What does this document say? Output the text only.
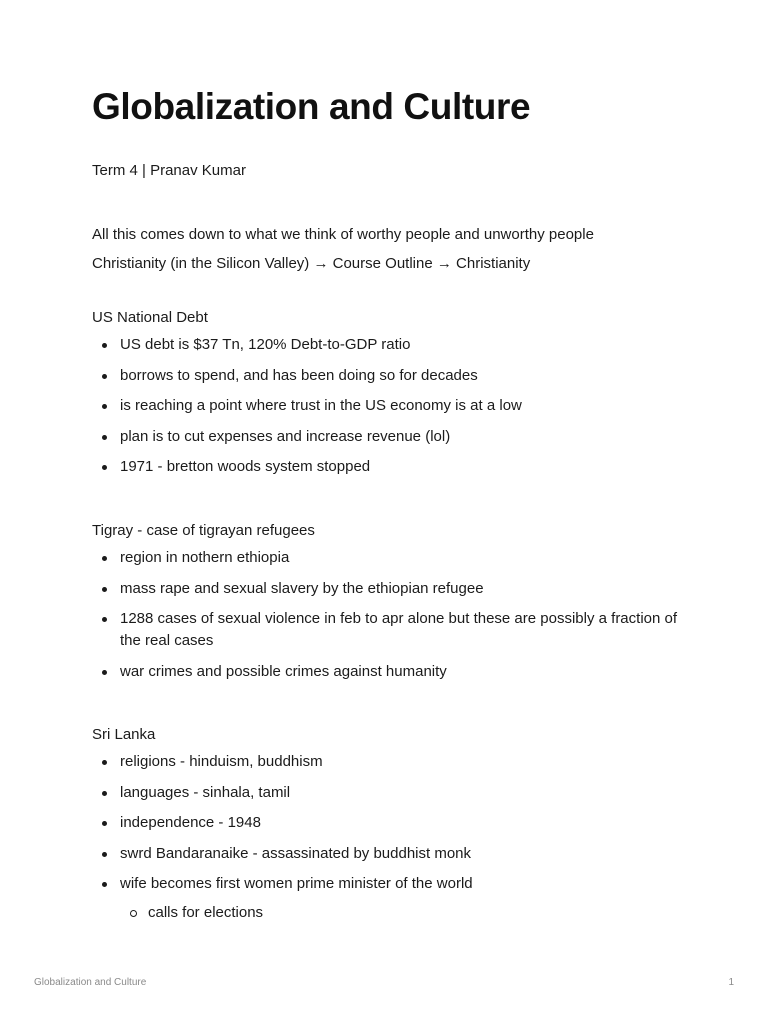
Globalization and Culture
Term 4 | Pranav Kumar
All this comes down to what we think of worthy people and unworthy people
Christianity (in the Silicon Valley) → Course Outline → Christianity
US National Debt
US debt is $37 Tn, 120% Debt-to-GDP ratio
borrows to spend, and has been doing so for decades
is reaching a point where trust in the US economy is at a low
plan is to cut expenses and increase revenue (lol)
1971 - bretton woods system stopped
Tigray - case of tigrayan refugees
region in nothern ethiopia
mass rape and sexual slavery by the ethiopian refugee
1288 cases of sexual violence in feb to apr alone but these are possibly a fraction of the real cases
war crimes and possible crimes against humanity
Sri Lanka
religions - hinduism, buddhism
languages - sinhala, tamil
independence - 1948
swrd Bandaranaike - assassinated by buddhist monk
wife becomes first women prime minister of the world
calls for elections
Globalization and Culture	1
